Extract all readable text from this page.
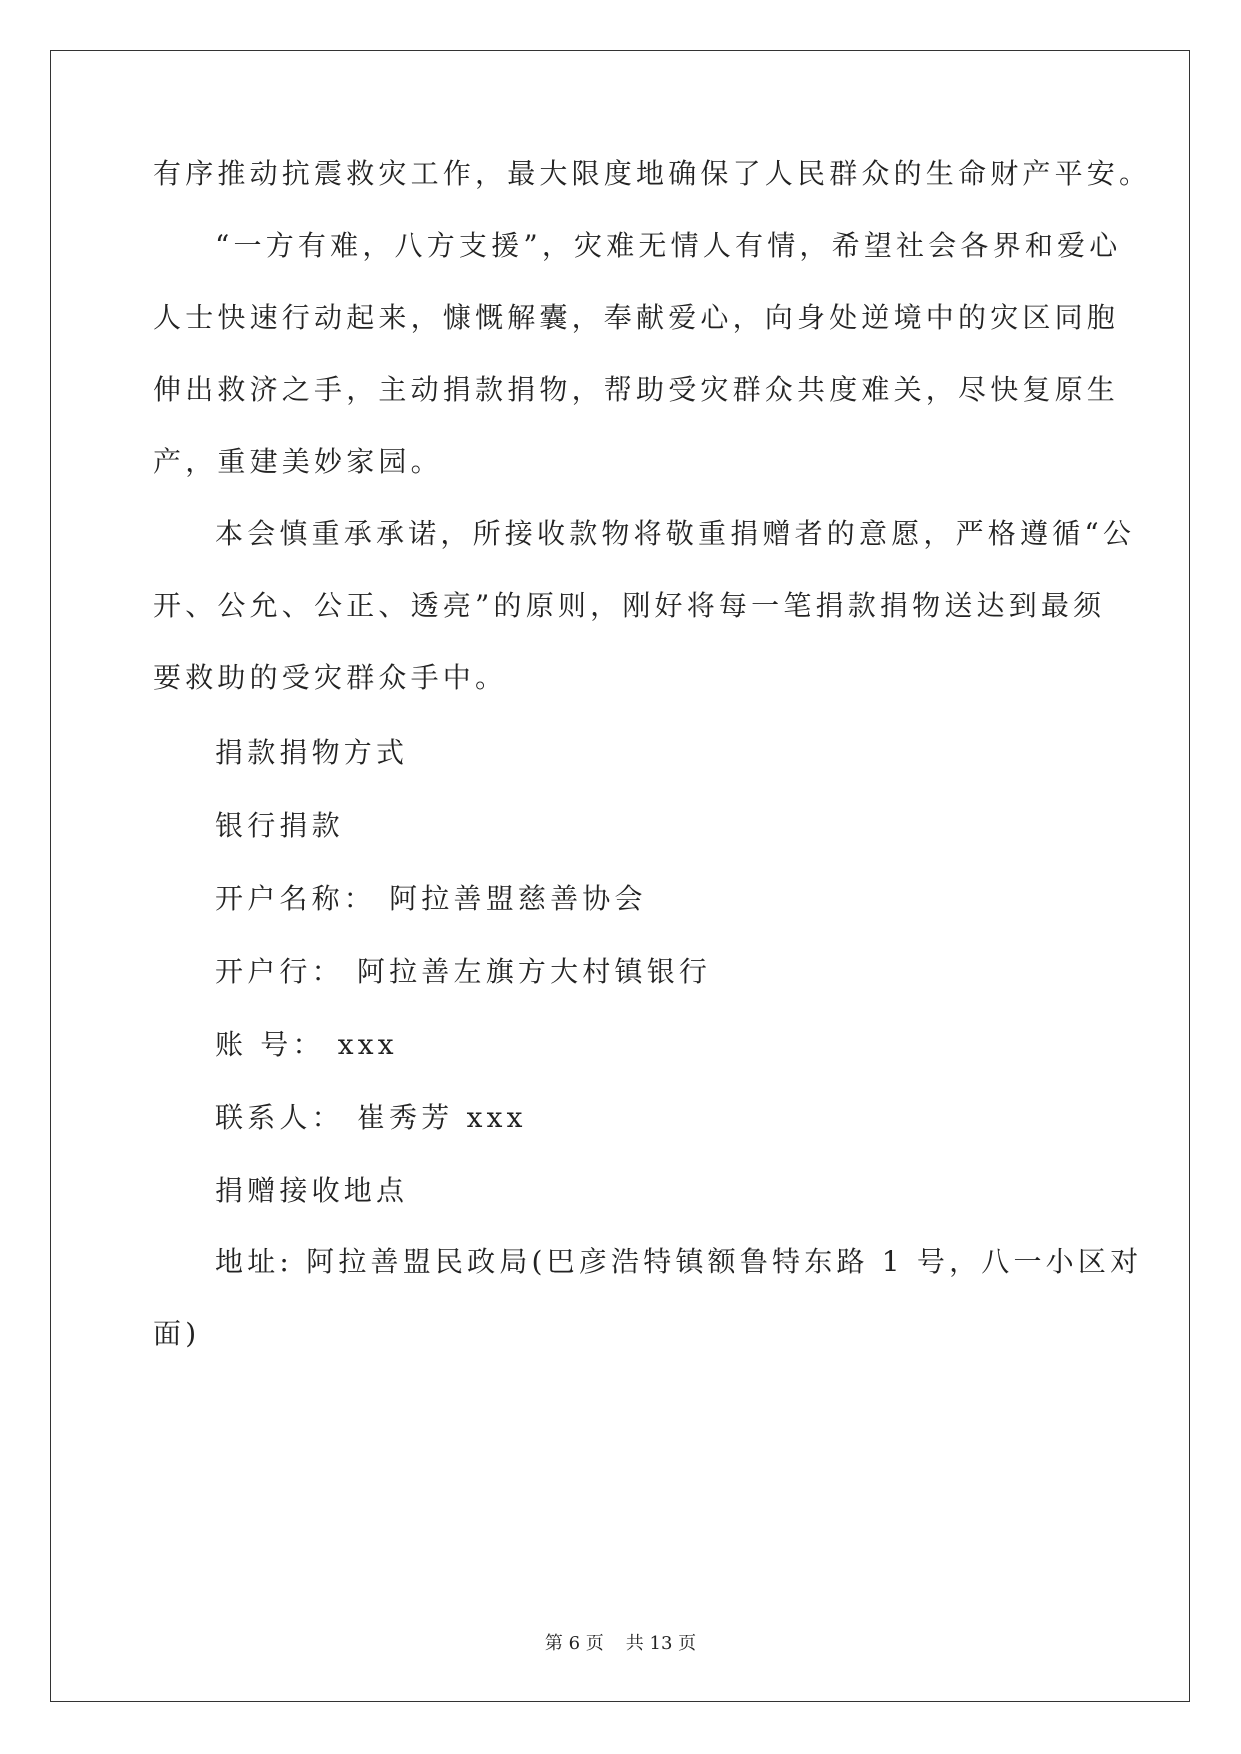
有序推动抗震救灾工作，最大限度地确保了人民群众的生命财产平安。
“一方有难，八方支援”，灾难无情人有情，希望社会各界和爱心
人士快速行动起来，慷慨解囊，奉献爱心，向身处逆境中的灾区同胞
伸出救济之手，主动捐款捐物，帮助受灾群众共度难关，尽快复原生
产，重建美妙家园。
本会慎重承承诺，所接收款物将敬重捐赠者的意愿，严格遵循“公
开、公允、公正、透亮”的原则，刚好将每一笔捐款捐物送达到最须
要救助的受灾群众手中。
捐款捐物方式
银行捐款
开户名称： 阿拉善盟慈善协会
开户行： 阿拉善左旗方大村镇银行
账 号： xxx
联系人： 崔秀芳 xxx
捐赠接收地点
地址: 阿拉善盟民政局(巴彦浩特镇额鲁特东路 1 号，八一小区对
面)
第 6 页 共 13 页
